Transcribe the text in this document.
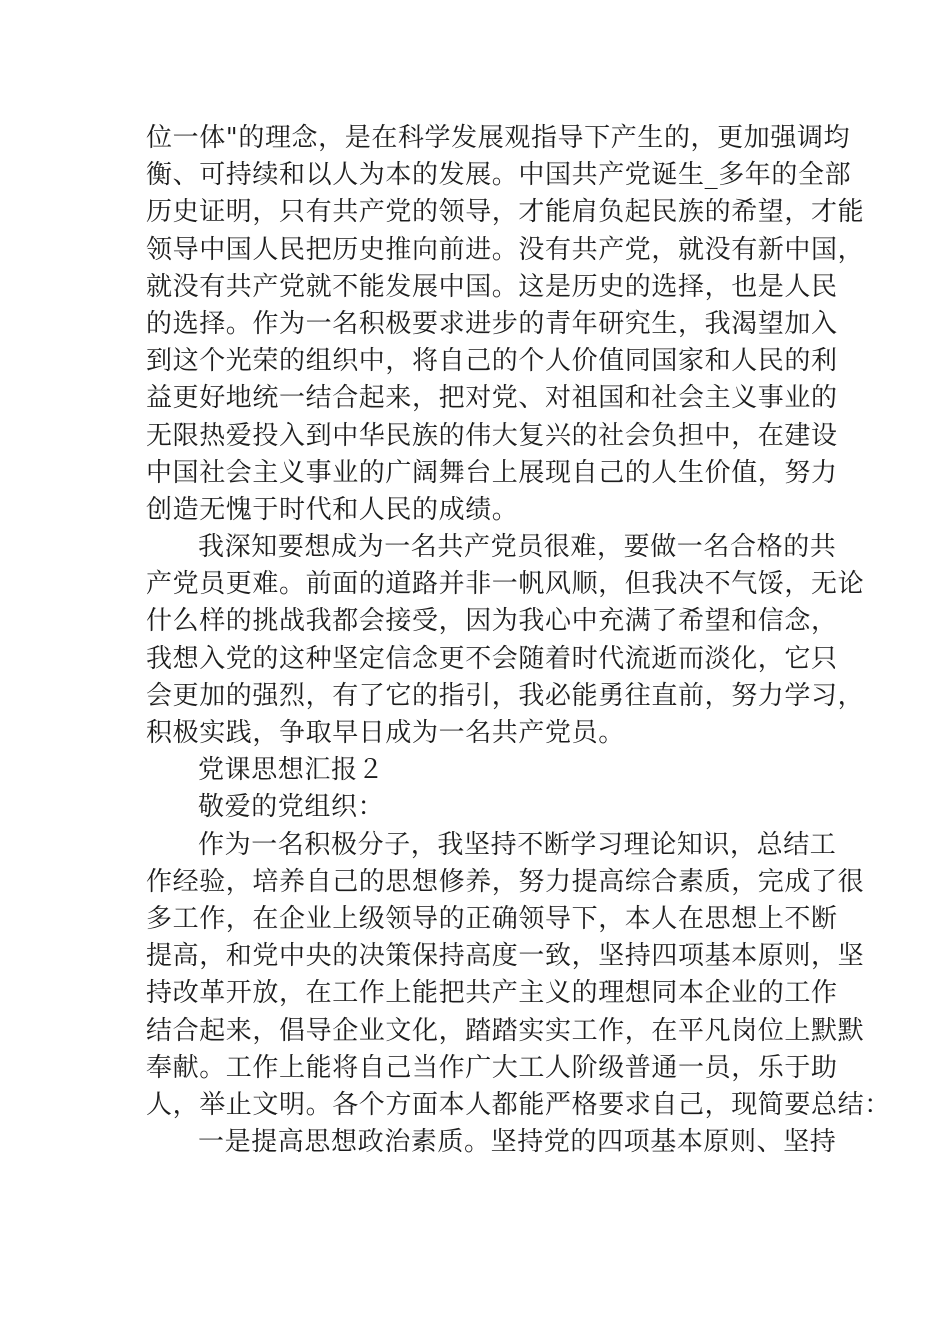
位一体"的理念，是在科学发展观指导下产生的，更加强调均
衡、可持续和以人为本的发展。中国共产党诞生_多年的全部
历史证明，只有共产党的领导，才能肩负起民族的希望，才能
领导中国人民把历史推向前进。没有共产党，就没有新中国，
就没有共产党就不能发展中国。这是历史的选择，也是人民
的选择。作为一名积极要求进步的青年研究生，我渴望加入
到这个光荣的组织中，将自己的个人价值同国家和人民的利
益更好地统一结合起来，把对党、对祖国和社会主义事业的
无限热爱投入到中华民族的伟大复兴的社会负担中，在建设
中国社会主义事业的广阔舞台上展现自己的人生价值，努力
创造无愧于时代和人民的成绩。
我深知要想成为一名共产党员很难，要做一名合格的共
产党员更难。前面的道路并非一帆风顺，但我决不气馁，无论
什么样的挑战我都会接受，因为我心中充满了希望和信念，
我想入党的这种坚定信念更不会随着时代流逝而淡化，它只
会更加的强烈，有了它的指引，我必能勇往直前，努力学习，
积极实践，争取早日成为一名共产党员。
党课思想汇报２
敬爱的党组织：
作为一名积极分子，我坚持不断学习理论知识，总结工
作经验，培养自己的思想修养，努力提高综合素质，完成了很
多工作，在企业上级领导的正确领导下，本人在思想上不断
提高，和党中央的决策保持高度一致，坚持四项基本原则，坚
持改革开放，在工作上能把共产主义的理想同本企业的工作
结合起来，倡导企业文化，踏踏实实工作，在平凡岗位上默默
奉献。工作上能将自己当作广大工人阶级普通一员，乐于助
人，举止文明。各个方面本人都能严格要求自己，现简要总结：
一是提高思想政治素质。坚持党的四项基本原则、坚持
